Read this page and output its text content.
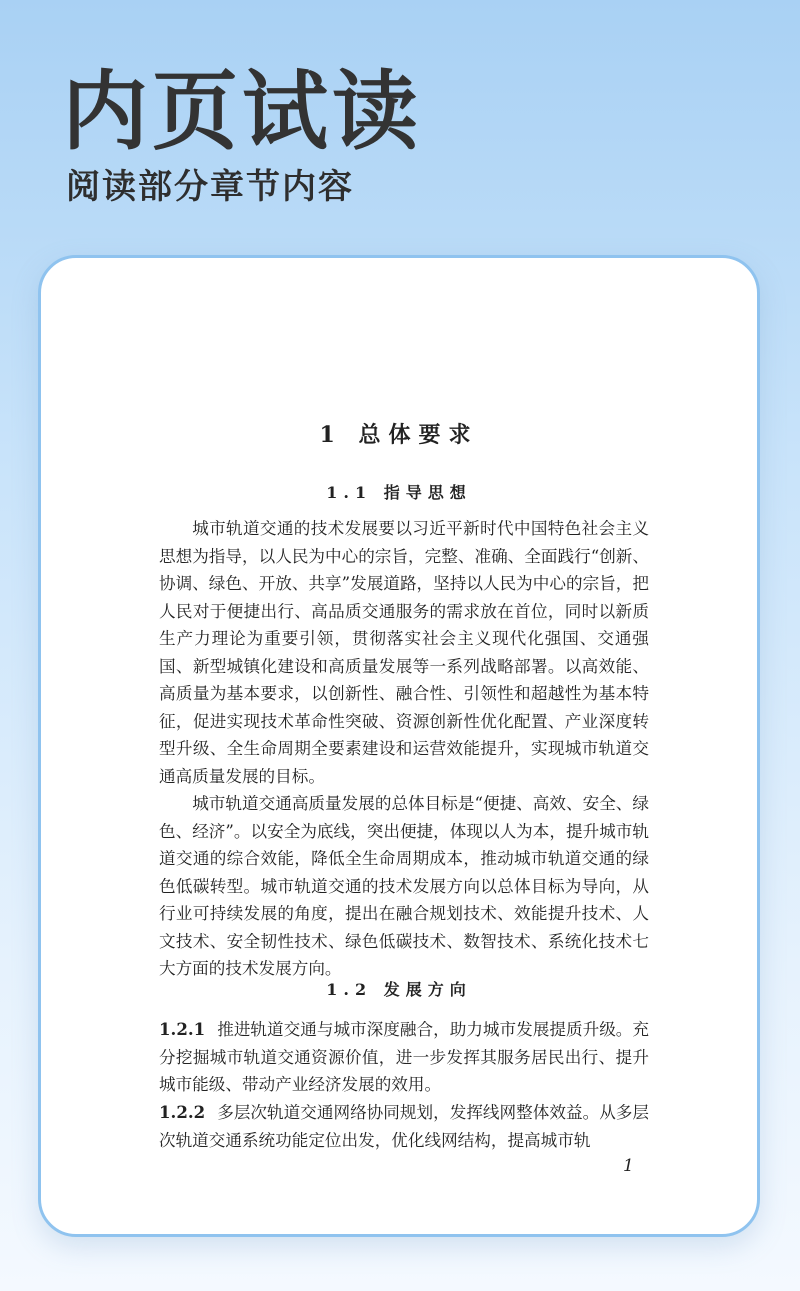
内页试读
阅读部分章节内容
1 总体要求
1.1 指导思想

城市轨道交通的技术发展要以习近平新时代中国特色社会主义思想为指导，以人民为中心的宗旨，完整、准确、全面践行“创新、协调、绿色、开放、共享”发展道路，坚持以人民为中心的宗旨，把人民对于便捷出行、高品质交通服务的需求放在首位，同时以新质生产力理论为重要引领，贯彻落实社会主义现代化强国、交通强国、新型城镇化建设和高质量发展等一系列战略部署。以高效能、高质量为基本要求，以创新性、融合性、引领性和超越性为基本特征，促进实现技术革命性突破、资源创新性优化配置、产业深度转型升级、全生命周期全要素建设和运营效能提升，实现城市轨道交通高质量发展的目标。

城市轨道交通高质量发展的总体目标是“便捷、高效、安全、绿色、经济”。以安全为底线，突出便捷，体现以人为本，提升城市轨道交通的综合效能，降低全生命周期成本，推动城市轨道交通的绿色低碳转型。城市轨道交通的技术发展方向以总体目标为导向，从行业可持续发展的角度，提出在融合规划技术、效能提升技术、人文技术、安全韧性技术、绿色低碳技术、数智技术、系统化技术七大方面的技术发展方向。

1.2 发展方向

1.2.1 推进轨道交通与城市深度融合，助力城市发展提质升级。充分挖掘城市轨道交通资源价值，进一步发挥其服务居民出行、提升城市能级、带动产业经济发展的效用。

1.2.2 多层次轨道交通网络协同规划，发挥线网整体效益。从多层次轨道交通系统功能定位出发，优化线网结构，提高城市轨

1
